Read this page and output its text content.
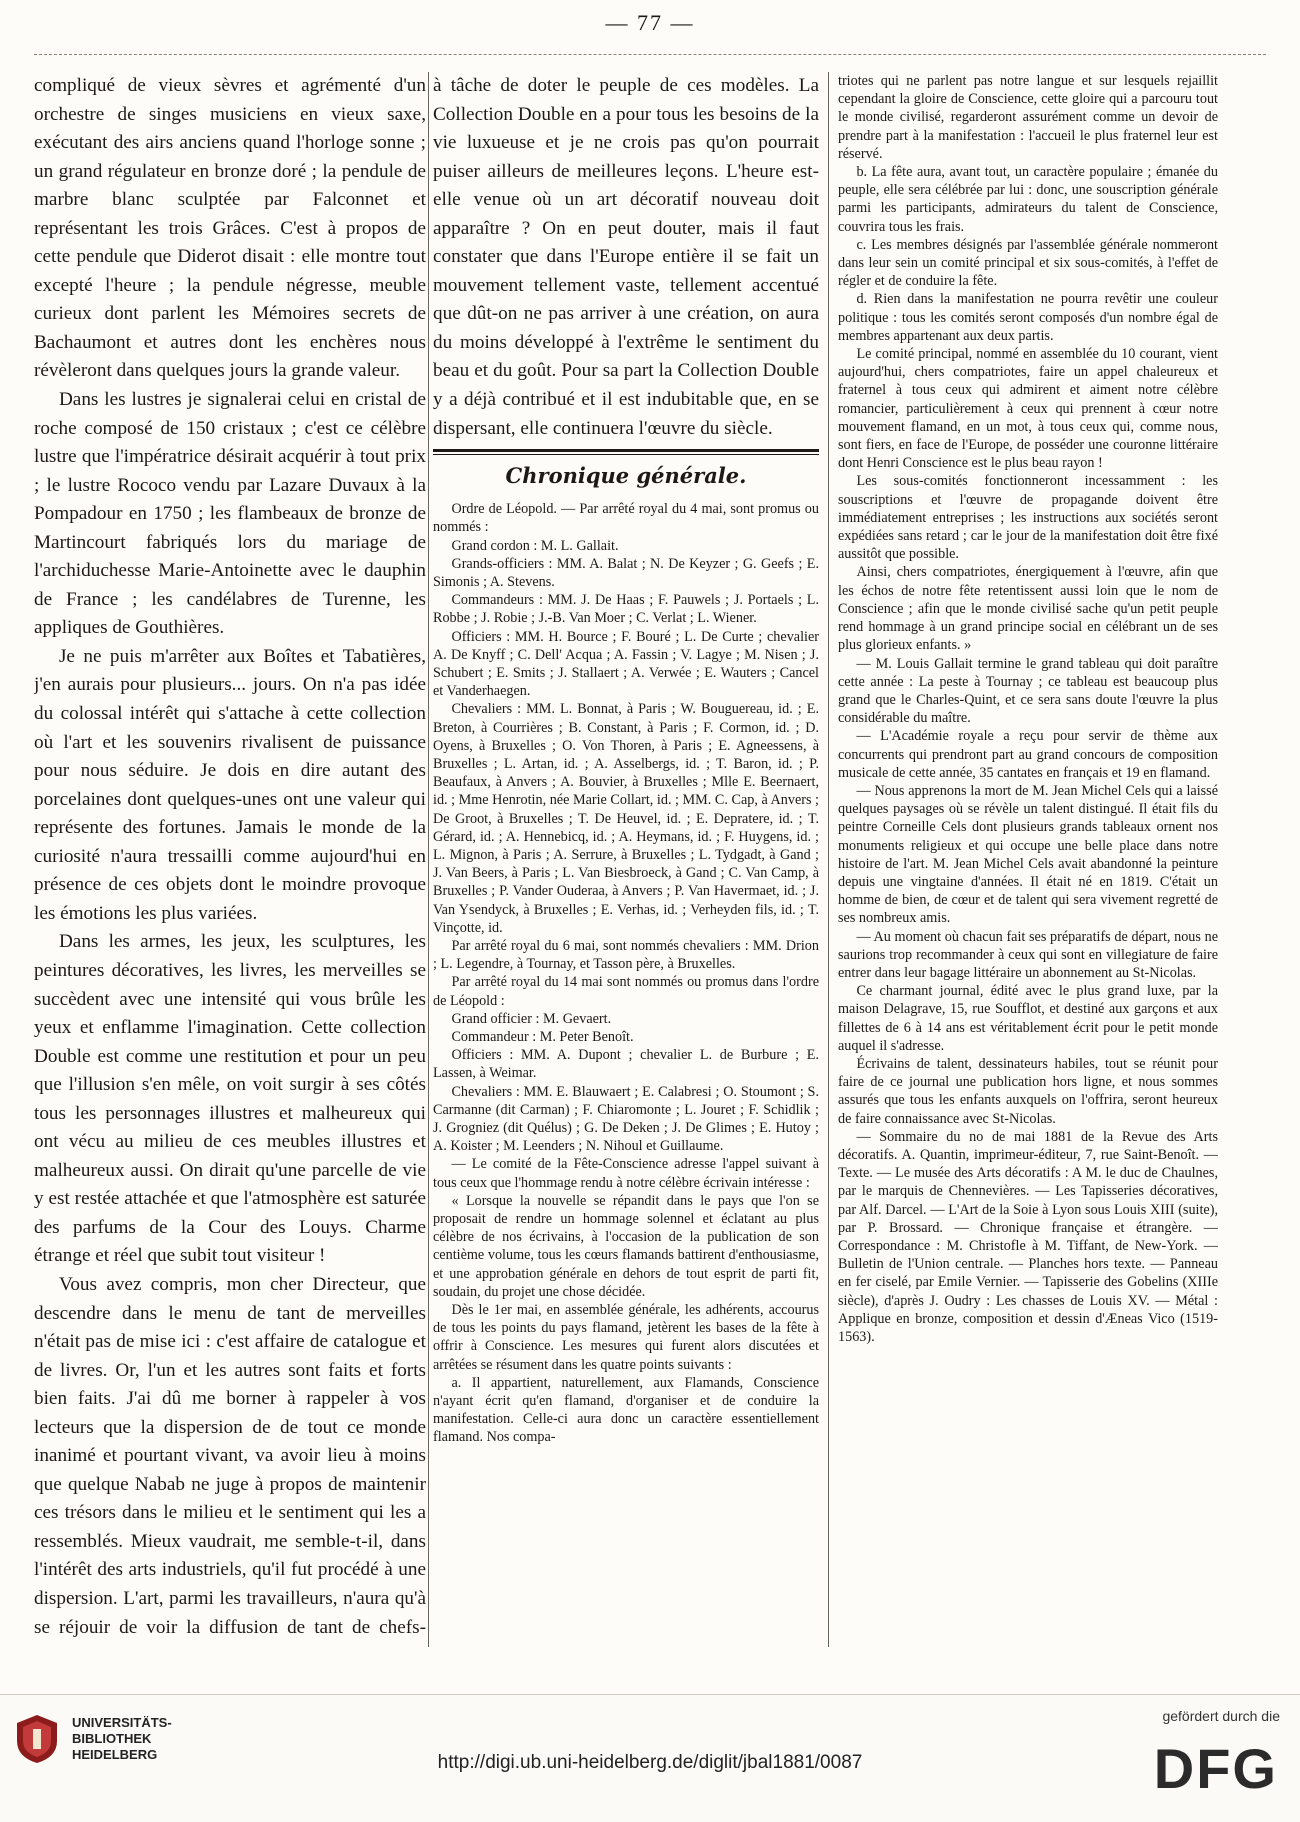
— 77 —

compliqué de vieux sèvres et agrémenté d'un orchestre de singes musiciens en vieux saxe, exécutant des airs anciens quand l'horloge sonne ; un grand régulateur en bronze doré ; la pendule de marbre blanc sculptée par Falconnet et représentant les trois Grâces. C'est à propos de cette pendule que Diderot disait : elle montre tout excepté l'heure ; la pendule négresse, meuble curieux dont parlent les Mémoires secrets de Bachaumont et autres dont les enchères nous révèleront dans quelques jours la grande valeur.

Dans les lustres je signalerai celui en cristal de roche composé de 150 cristaux ; c'est ce célèbre lustre que l'impératrice désirait acquérir à tout prix ; le lustre Rococo vendu par Lazare Duvaux à la Pompadour en 1750 ; les flambeaux de bronze de Martincourt fabriqués lors du mariage de l'archiduchesse Marie-Antoinette avec le dauphin de France ; les candélabres de Turenne, les appliques de Gouthières.

Je ne puis m'arrêter aux Boîtes et Tabatières, j'en aurais pour plusieurs... jours. On n'a pas idée du colossal intérêt qui s'attache à cette collection où l'art et les souvenirs rivalisent de puissance pour nous séduire. Je dois en dire autant des porcelaines dont quelques-unes ont une valeur qui représente des fortunes. Jamais le monde de la curiosité n'aura tressailli comme aujourd'hui en présence de ces objets dont le moindre provoque les émotions les plus variées.

Dans les armes, les jeux, les sculptures, les peintures décoratives, les livres, les merveilles se succèdent avec une intensité qui vous brûle les yeux et enflamme l'imagination. Cette collection Double est comme une restitution et pour un peu que l'illusion s'en mêle, on voit surgir à ses côtés tous les personnages illustres et malheureux qui ont vécu au milieu de ces meubles illustres et malheureux aussi. On dirait qu'une parcelle de vie y est restée attachée et que l'atmosphère est saturée des parfums de la Cour des Louys. Charme étrange et réel que subit tout visiteur !

Vous avez compris, mon cher Directeur, que descendre dans le menu de tant de merveilles n'était pas de mise ici : c'est affaire de catalogue et de livres. Or, l'un et les autres sont faits et forts bien faits. J'ai dû me borner à rappeler à vos lecteurs que la dispersion de de tout ce monde inanimé et pourtant vivant, va avoir lieu à moins que quelque Nabab ne juge à propos de maintenir ces trésors dans le milieu et le sentiment qui les a ressemblés. Mieux vaudrait, me semble-t-il, dans l'intérêt des arts industriels, qu'il fut procédé à une dispersion. L'art, parmi les travailleurs, n'aura qu'à se réjouir de voir la diffusion de tant de chefs-

à tâche de doter le peuple de ces modèles. La Collection Double en a pour tous les besoins de la vie luxueuse et je ne crois pas qu'on pourrait puiser ailleurs de meilleures leçons. L'heure est-elle venue où un art décoratif nouveau doit apparaître ? On en peut douter, mais il faut constater que dans l'Europe entière il se fait un mouvement tellement vaste, tellement accentué que dût-on ne pas arriver à une création, on aura du moins développé à l'extrême le sentiment du beau et du goût. Pour sa part la Collection Double y a déjà contribué et il est indubitable que, en se dispersant, elle continuera l'œuvre du siècle.

Chronique générale.

Ordre de Léopold. — Par arrêté royal du 4 mai, sont promus ou nommés :

Grand cordon : M. L. Gallait.

Grands-officiers : MM. A. Balat ; N. De Keyzer ; G. Geefs ; E. Simonis ; A. Stevens.

Commandeurs : MM. J. De Haas ; F. Pauwels ; J. Portaels ; L. Robbe ; J. Robie ; J.-B. Van Moer ; C. Verlat ; L. Wiener.

Officiers : MM. H. Bource ; F. Bouré ; L. De Curte ; chevalier A. De Knyff ; C. Dell' Acqua ; A. Fassin ; V. Lagye ; M. Nisen ; J. Schubert ; E. Smits ; J. Stallaert ; A. Verwée ; E. Wauters ; Cancel et Vanderhaegen.

Chevaliers : MM. L. Bonnat, à Paris ; W. Bouguereau, id. ; E. Breton, à Courrières ; B. Constant, à Paris ; F. Cormon, id. ; D. Oyens, à Bruxelles ; O. Von Thoren, à Paris ; E. Agneessens, à Bruxelles ; L. Artan, id. ; A. Asselbergs, id. ; T. Baron, id. ; P. Beaufaux, à Anvers ; A. Bouvier, à Bruxelles ; Mlle E. Beernaert, id. ; Mme Henrotin, née Marie Collart, id. ; MM. C. Cap, à Anvers ; De Groot, à Bruxelles ; T. De Heuvel, id. ; E. Depratere, id. ; T. Gérard, id. ; A. Hennebicq, id. ; A. Heymans, id. ; F. Huygens, id. ; L. Mignon, à Paris ; A. Serrure, à Bruxelles ; L. Tydgadt, à Gand ; J. Van Beers, à Paris ; L. Van Biesbroeck, à Gand ; C. Van Camp, à Bruxelles ; P. Vander Ouderaa, à Anvers ; P. Van Havermaet, id. ; J. Van Ysendyck, à Bruxelles ; E. Verhas, id. ; Verheyden fils, id. ; T. Vinçotte, id.

Par arrêté royal du 6 mai, sont nommés chevaliers : MM. Drion ; L. Legendre, à Tournay, et Tasson père, à Bruxelles.

Par arrêté royal du 14 mai sont nommés ou promus dans l'ordre de Léopold :

Grand officier : M. Gevaert.

Commandeur : M. Peter Benoît.

Officiers : MM. A. Dupont ; chevalier L. de Burbure ; E. Lassen, à Weimar.

Chevaliers : MM. E. Blauwaert ; E. Calabresi ; O. Stoumont ; S. Carmanne (dit Carman) ; F. Chiaromonte ; L. Jouret ; F. Schidlik ; J. Grogniez (dit Quélus) ; G. De Deken ; J. De Glimes ; E. Hutoy ; A. Koister ; M. Leenders ; N. Nihoul et Guillaume.

— Le comité de la Fête-Conscience adresse l'appel suivant à tous ceux que l'hommage rendu à notre célèbre écrivain intéresse :

« Lorsque la nouvelle se répandit dans le pays que l'on se proposait de rendre un hommage solennel et éclatant au plus célèbre de nos écrivains, à l'occasion de la publication de son centième volume, tous les cœurs flamands battirent d'enthousiasme, et une approbation générale en dehors de tout esprit de parti fit, soudain, du projet une chose décidée.

Dès le 1er mai, en assemblée générale, les adhérents, accourus de tous les points du pays flamand, jetèrent les bases de la fête à offrir à Conscience. Les mesures qui furent alors discutées et arrêtées se résument dans les quatre points suivants :

a. Il appartient, naturellement, aux Flamands, Conscience n'ayant écrit qu'en flamand, d'organiser et de conduire la manifestation. Celle-ci aura donc un caractère essentiellement flamand. Nos compa-

triotes qui ne parlent pas notre langue et sur lesquels rejaillit cependant la gloire de Conscience, cette gloire qui a parcouru tout le monde civilisé, regarderont assurément comme un devoir de prendre part à la manifestation : l'accueil le plus fraternel leur est réservé.

b. La fête aura, avant tout, un caractère populaire ; émanée du peuple, elle sera célébrée par lui : donc, une souscription générale parmi les participants, admirateurs du talent de Conscience, couvrira tous les frais.

c. Les membres désignés par l'assemblée générale nommeront dans leur sein un comité principal et six sous-comités, à l'effet de régler et de conduire la fête.

d. Rien dans la manifestation ne pourra revêtir une couleur politique : tous les comités seront composés d'un nombre égal de membres appartenant aux deux partis.

Le comité principal, nommé en assemblée du 10 courant, vient aujourd'hui, chers compatriotes, faire un appel chaleureux et fraternel à tous ceux qui admirent et aiment notre célèbre romancier, particulièrement à ceux qui prennent à cœur notre mouvement flamand, en un mot, à tous ceux qui, comme nous, sont fiers, en face de l'Europe, de posséder une couronne littéraire dont Henri Conscience est le plus beau rayon !

Les sous-comités fonctionneront incessamment : les souscriptions et l'œuvre de propagande doivent être immédiatement entreprises ; les instructions aux sociétés seront expédiées sans retard ; car le jour de la manifestation doit être fixé aussitôt que possible.

Ainsi, chers compatriotes, énergiquement à l'œuvre, afin que les échos de notre fête retentissent aussi loin que le nom de Conscience ; afin que le monde civilisé sache qu'un petit peuple rend hommage à un grand principe social en célébrant un de ses plus glorieux enfants. »

— M. Louis Gallait termine le grand tableau qui doit paraître cette année : La peste à Tournay ; ce tableau est beaucoup plus grand que le Charles-Quint, et ce sera sans doute l'œuvre la plus considérable du maître.

— L'Académie royale a reçu pour servir de thème aux concurrents qui prendront part au grand concours de composition musicale de cette année, 35 cantates en français et 19 en flamand.

— Nous apprenons la mort de M. Jean Michel Cels qui a laissé quelques paysages où se révèle un talent distingué. Il était fils du peintre Corneille Cels dont plusieurs grands tableaux ornent nos monuments religieux et qui occupe une belle place dans notre histoire de l'art. M. Jean Michel Cels avait abandonné la peinture depuis une vingtaine d'années. Il était né en 1819. C'était un homme de bien, de cœur et de talent qui sera vivement regretté de ses nombreux amis.

— Au moment où chacun fait ses préparatifs de départ, nous ne saurions trop recommander à ceux qui sont en villegiature de faire entrer dans leur bagage littéraire un abonnement au St-Nicolas.

Ce charmant journal, édité avec le plus grand luxe, par la maison Delagrave, 15, rue Soufflot, et destiné aux garçons et aux fillettes de 6 à 14 ans est véritablement écrit pour le petit monde auquel il s'adresse.

Écrivains de talent, dessinateurs habiles, tout se réunit pour faire de ce journal une publication hors ligne, et nous sommes assurés que tous les enfants auxquels on l'offrira, seront heureux de faire connaissance avec St-Nicolas.

— Sommaire du no de mai 1881 de la Revue des Arts décoratifs. A. Quantin, imprimeur-éditeur, 7, rue Saint-Benoît. — Texte. — Le musée des Arts décoratifs : A M. le duc de Chaulnes, par le marquis de Chennevières. — Les Tapisseries décoratives, par Alf. Darcel. — L'Art de la Soie à Lyon sous Louis XIII (suite), par P. Brossard. — Chronique française et étrangère. — Correspondance : M. Christofle à M. Tiffant, de New-York. — Bulletin de l'Union centrale. — Planches hors texte. — Panneau en fer ciselé, par Emile Vernier. — Tapisserie des Gobelins (XIIIe siècle), d'après J. Oudry : Les chasses de Louis XV. — Métal : Applique en bronze, composition et dessin d'Æneas Vico (1519-1563).

UNIVERSITÄTS-
BIBLIOTHEK
HEIDELBERG	http://digi.ub.uni-heidelberg.de/diglit/jbal1881/0087
gefördert durch die
DFG
